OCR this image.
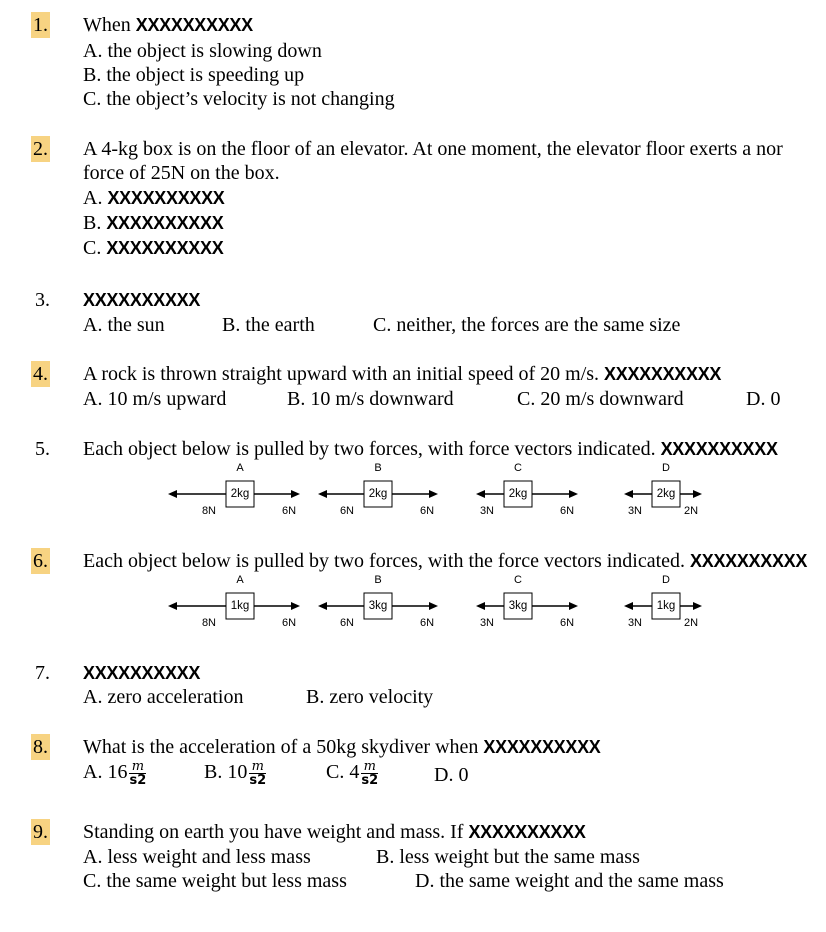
1. When XXXXXXXXXX
A. the object is slowing down
B. the object is speeding up
C. the object’s velocity is not changing
2. A 4-kg box is on the floor of an elevator. At one moment, the elevator floor exerts a nor
force of 25N on the box.
A. XXXXXXXXXX
B. XXXXXXXXXX
C. XXXXXXXXXX
3. XXXXXXXXXX
A. the sun	B. the earth	C. neither, the forces are the same size
4. A rock is thrown straight upward with an initial speed of 20 m/s. XXXXXXXXXX
A. 10 m/s upward	B. 10 m/s downward	C. 20 m/s downward	D. 0
5. Each object below is pulled by two forces, with force vectors indicated. XXXXXXXXXX
A
2kg
8N	6N
B
2kg
6N	6N
C
2kg
3N	6N
D
2kg
3N	2N
6. Each object below is pulled by two forces, with the force vectors indicated. XXXXXXXXXX
A
1kg
8N	6N
B
3kg
6N	6N
C
3kg
3N	6N
D
1kg
3N	2N
7. XXXXXXXXXX
A. zero acceleration	B. zero velocity
8. What is the acceleration of a 50kg skydiver when XXXXXXXXXX
A. $16 \frac{m}{s2}$	B. $10 \frac{m}{s2}$	C. $4 \frac{m}{s2}$	D. 0
9. Standing on earth you have weight and mass. If XXXXXXXXXX
A. less weight and less mass	B. less weight but the same mass
C. the same weight but less mass	D. the same weight and the same mass
